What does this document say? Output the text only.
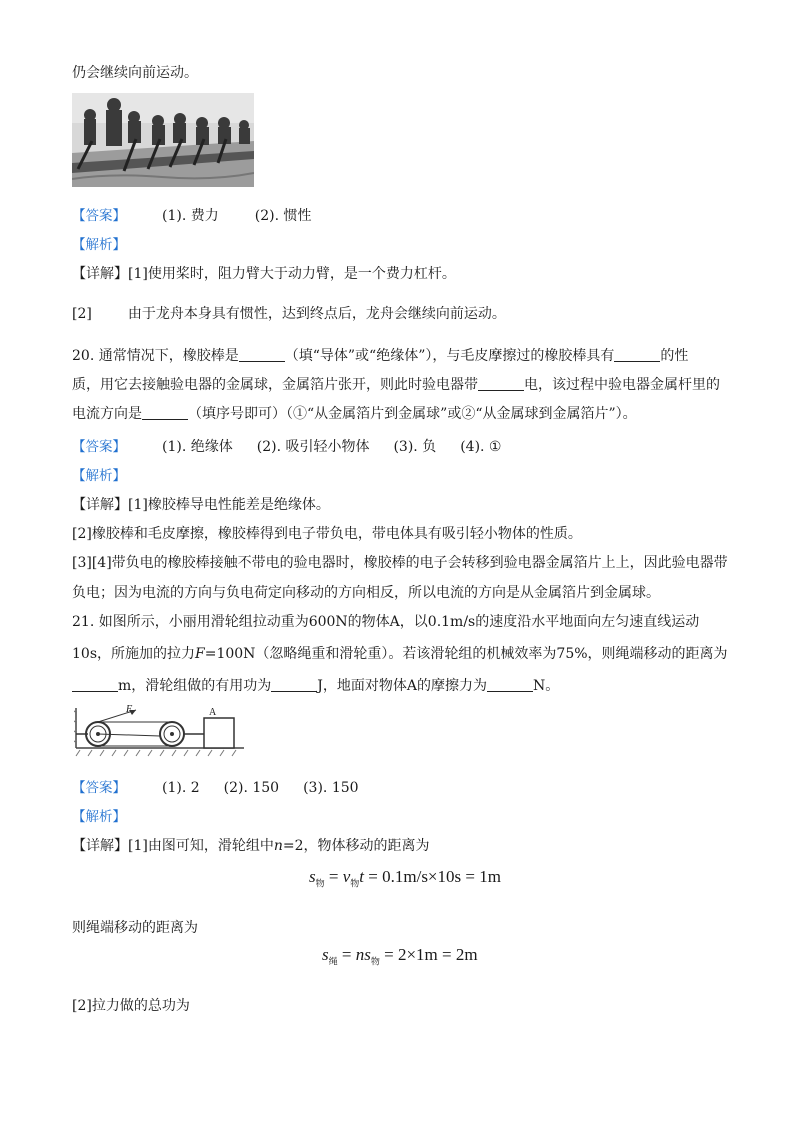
仍会继续向前运动。
【答案】	(1). 费力	(2). 惯性
【解析】
【详解】[1]使用桨时，阻力臂大于动力臂，是一个费力杠杆。
[2]	由于龙舟本身具有惯性，达到终点后，龙舟会继续向前运动。
20. 通常情况下，橡胶棒是	（填“导体”或“绝缘体”），与毛皮摩擦过的橡胶棒具有	的性
质，用它去接触验电器的金属球，金属箔片张开，则此时验电器带	电，该过程中验电器金属杆里的
电流方向是	（填序号即可）（①“从金属箔片到金属球”或②“从金属球到金属箔片”）。
【答案】	(1). 绝缘体 (2). 吸引轻小物体 (3). 负 (4). ①
【解析】
【详解】[1]橡胶棒导电性能差是绝缘体。
[2]橡胶棒和毛皮摩擦，橡胶棒得到电子带负电，带电体具有吸引轻小物体的性质。
[3][4]带负电的橡胶棒接触不带电的验电器时，橡胶棒的电子会转移到验电器金属箔片上上，因此验电器带
负电；因为电流的方向与负电荷定向移动的方向相反，所以电流的方向是从金属箔片到金属球。
21. 如图所示，小丽用滑轮组拉动重为600N的物体A，以0.1m/s的速度沿水平地面向左匀速直线运动
10s，所施加的拉力F=100N（忽略绳重和滑轮重）。若该滑轮组的机械效率为75%，则绳端移动的距离为
m，滑轮组做的有用功为	J，地面对物体A的摩擦力为	N。
F	A
【答案】	(1). 2 (2). 150 (3). 150
【解析】
【详解】[1]由图可知，滑轮组中n=2，物体移动的距离为
$s_物 = v_物t = 0.1m/s\times 10s = 1m$
则绳端移动的距离为
$s_绳 = ns_物 = 2\times 1m = 2m$
[2]拉力做的总功为
